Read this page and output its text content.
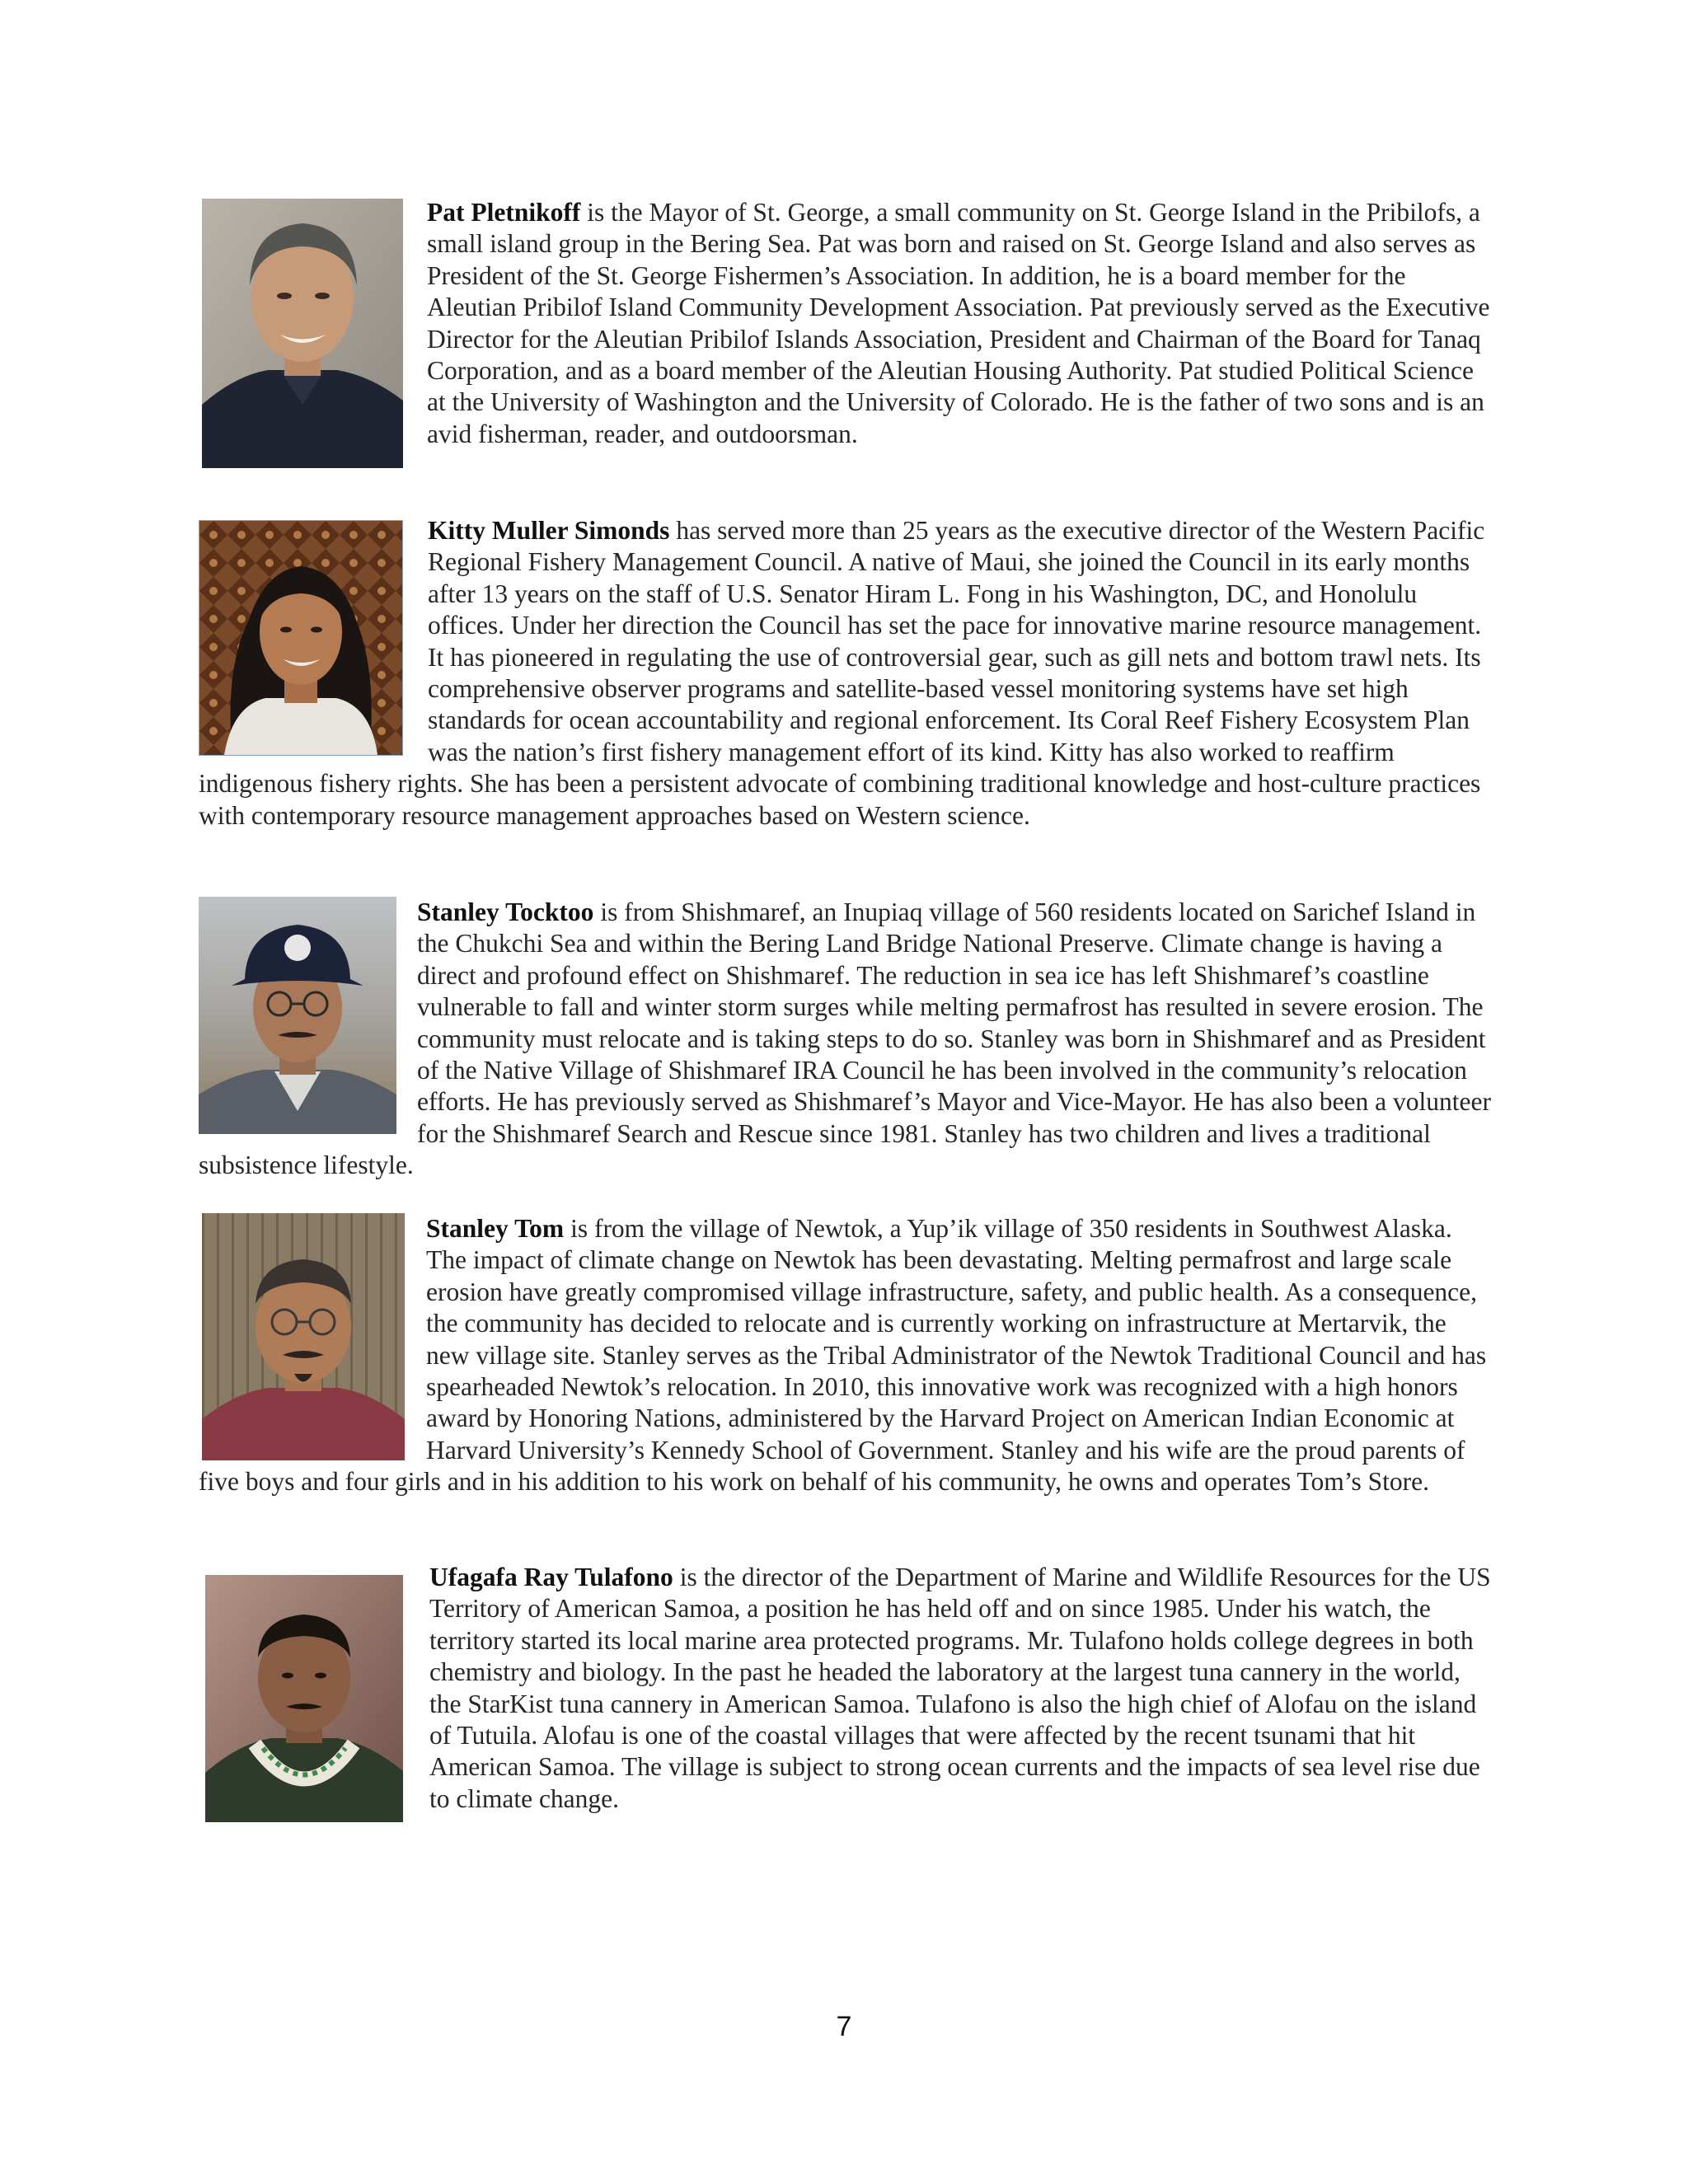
Pat Pletnikoff is the Mayor of St. George, a small community on St. George Island in the Pribilofs, a small island group in the Bering Sea. Pat was born and raised on St. George Island and also serves as President of the St. George Fishermen’s Association. In addition, he is a board member for the Aleutian Pribilof Island Community Development Association. Pat previously served as the Executive Director for the Aleutian Pribilof Islands Association, President and Chairman of the Board for Tanaq Corporation, and as a board member of the Aleutian Housing Authority. Pat studied Political Science at the University of Washington and the University of Colorado. He is the father of two sons and is an avid fisherman, reader, and outdoorsman.
Kitty Muller Simonds has served more than 25 years as the executive director of the Western Pacific Regional Fishery Management Council. A native of Maui, she joined the Council in its early months after 13 years on the staff of U.S. Senator Hiram L. Fong in his Washington, DC, and Honolulu offices. Under her direction the Council has set the pace for innovative marine resource management. It has pioneered in regulating the use of controversial gear, such as gill nets and bottom trawl nets. Its comprehensive observer programs and satellite-based vessel monitoring systems have set high standards for ocean accountability and regional enforcement. Its Coral Reef Fishery Ecosystem Plan was the nation’s first fishery management effort of its kind. Kitty has also worked to reaffirm indigenous fishery rights. She has been a persistent advocate of combining traditional knowledge and host-culture practices with contemporary resource management approaches based on Western science.
Stanley Tocktoo is from Shishmaref, an Inupiaq village of 560 residents located on Sarichef Island in the Chukchi Sea and within the Bering Land Bridge National Preserve. Climate change is having a direct and profound effect on Shishmaref. The reduction in sea ice has left Shishmaref’s coastline vulnerable to fall and winter storm surges while melting permafrost has resulted in severe erosion. The community must relocate and is taking steps to do so. Stanley was born in Shishmaref and as President of the Native Village of Shishmaref IRA Council he has been involved in the community’s relocation efforts. He has previously served as Shishmaref’s Mayor and Vice-Mayor. He has also been a volunteer for the Shishmaref Search and Rescue since 1981. Stanley has two children and lives a traditional subsistence lifestyle.
Stanley Tom is from the village of Newtok, a Yup’ik village of 350 residents in Southwest Alaska. The impact of climate change on Newtok has been devastating. Melting permafrost and large scale erosion have greatly compromised village infrastructure, safety, and public health. As a consequence, the community has decided to relocate and is currently working on infrastructure at Mertarvik, the new village site. Stanley serves as the Tribal Administrator of the Newtok Traditional Council and has spearheaded Newtok’s relocation. In 2010, this innovative work was recognized with a high honors award by Honoring Nations, administered by the Harvard Project on American Indian Economic at Harvard University’s Kennedy School of Government. Stanley and his wife are the proud parents of five boys and four girls and in his addition to his work on behalf of his community, he owns and operates Tom’s Store.
Ufagafa Ray Tulafono is the director of the Department of Marine and Wildlife Resources for the US Territory of American Samoa, a position he has held off and on since 1985. Under his watch, the territory started its local marine area protected programs. Mr. Tulafono holds college degrees in both chemistry and biology. In the past he headed the laboratory at the largest tuna cannery in the world, the StarKist tuna cannery in American Samoa. Tulafono is also the high chief of Alofau on the island of Tutuila. Alofau is one of the coastal villages that were affected by the recent tsunami that hit American Samoa. The village is subject to strong ocean currents and the impacts of sea level rise due to climate change.
7
